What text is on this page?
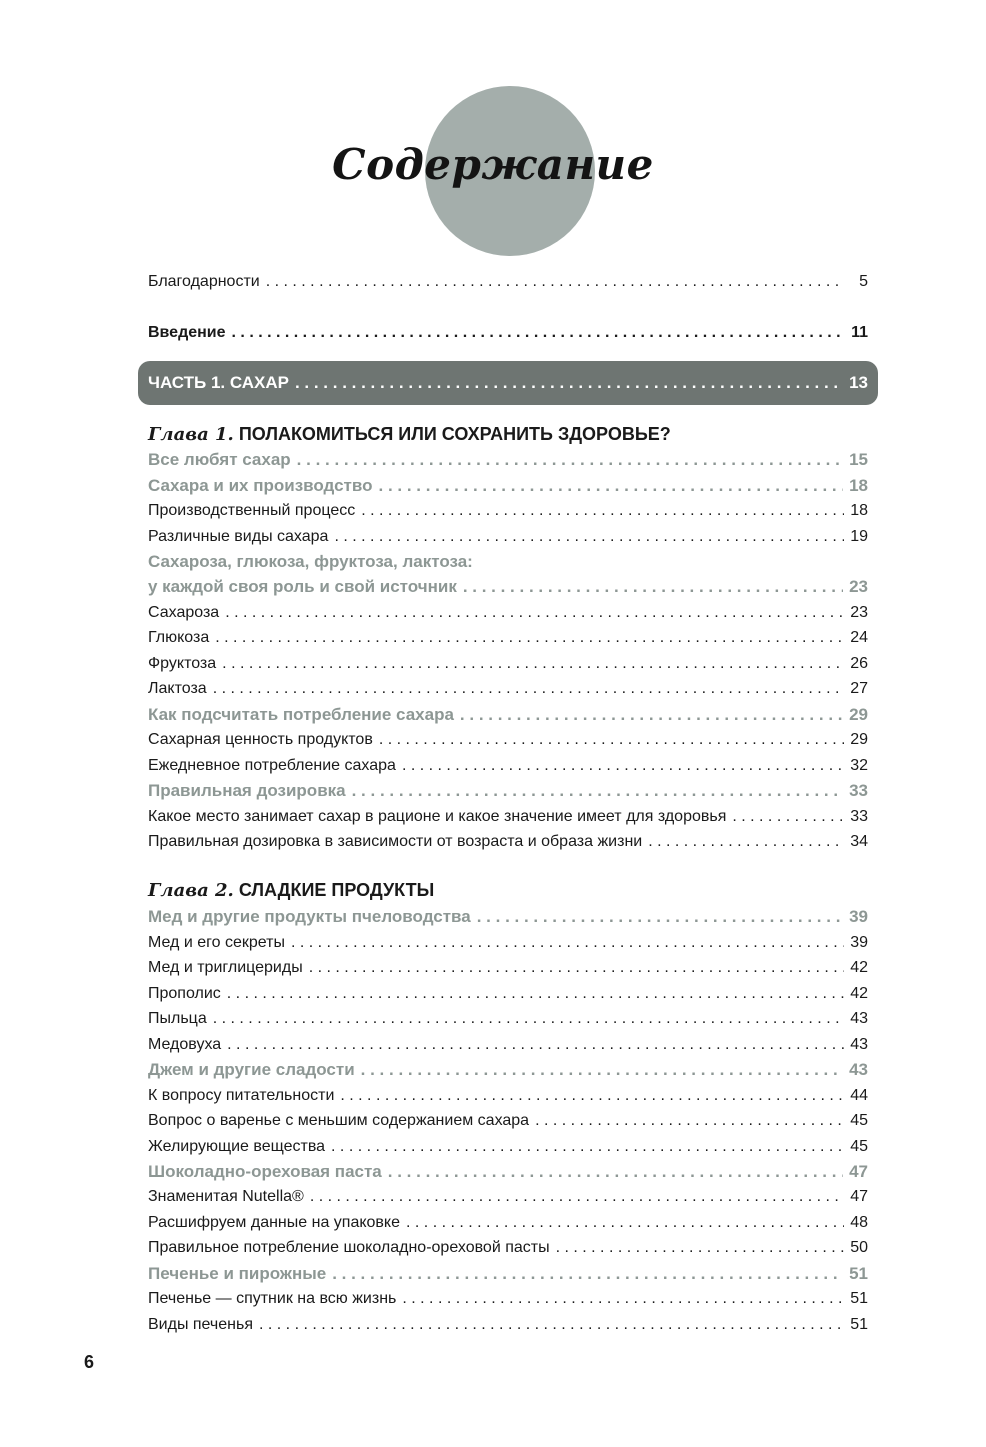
Содержание
Благодарности . . .	5
Введение . . .	11
ЧАСТЬ 1. САХАР . . .	13
Глава 1. ПОЛАКОМИТЬСЯ ИЛИ СОХРАНИТЬ ЗДОРОВЬЕ?
Все любят сахар . . .	15
Сахара и их производство . . .	18
Производственный процесс . . .	18
Различные виды сахара . . .	19
Сахароза, глюкоза, фруктоза, лактоза:
у каждой своя роль и свой источник . . .	23
Сахароза . . .	23
Глюкоза . . .	24
Фруктоза . . .	26
Лактоза . . .	27
Как подсчитать потребление сахара . . .	29
Сахарная ценность продуктов . . .	29
Ежедневное потребление сахара . . .	32
Правильная дозировка . . .	33
Какое место занимает сахар в рационе и какое значение имеет для здоровья . . .	33
Правильная дозировка в зависимости от возраста и образа жизни . . .	34
Глава 2. СЛАДКИЕ ПРОДУКТЫ
Мед и другие продукты пчеловодства . . .	39
Мед и его секреты . . .	39
Мед и триглицериды . . .	42
Прополис . . .	42
Пыльца . . .	43
Медовуха . . .	43
Джем и другие сладости . . .	43
К вопросу питательности . . .	44
Вопрос о варенье с меньшим содержанием сахара . . .	45
Желирующие вещества . . .	45
Шоколадно-ореховая паста . . .	47
Знаменитая Nutella® . . .	47
Расшифруем данные на упаковке . . .	48
Правильное потребление шоколадно-ореховой пасты . . .	50
Печенье и пирожные . . .	51
Печенье — спутник на всю жизнь . . .	51
Виды печенья . . .	51
6
